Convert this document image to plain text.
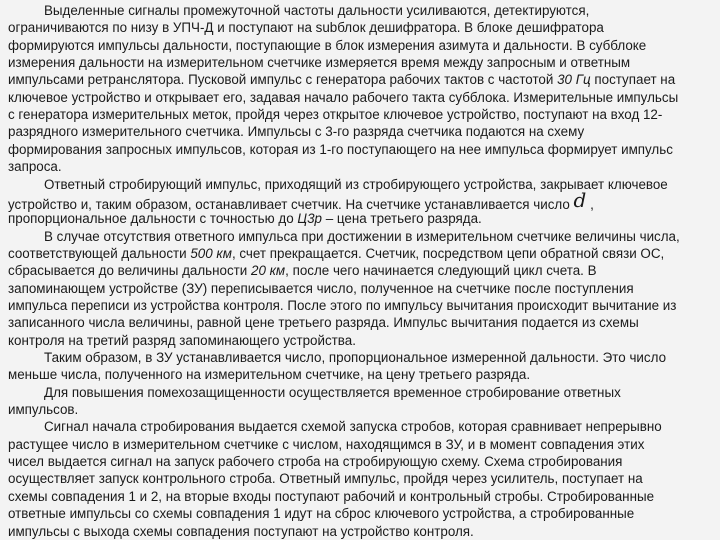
Выделенные сигналы промежуточной частоты дальности усиливаются, детектируются,
ограничиваются по низу в УПЧ-Д и поступают на subблок дешифратора. В блоке дешифратора
формируются импульсы дальности, поступающие в блок измерения азимута и дальности. В субблоке
измерения дальности на измерительном счетчике измеряется время между запросным и ответным
импульсами ретранслятора. Пусковой импульс с генератора рабочих тактов с частотой 30 Гц поступает на
ключевое устройство и открывает его, задавая начало рабочего такта субблока. Измерительные импульсы
с генератора измерительных меток, пройдя через открытое ключевое устройство, поступают на вход 12-
разрядного измерительного счетчика. Импульсы с 3-го разряда счетчика подаются на схему
формирования запросных импульсов, которая из 1-го поступающего на нее импульса формирует импульс
запроса.
Ответный стробирующий импульс, приходящий из стробирующего устройства, закрывает ключевое
устройство и, таким образом, останавливает счетчик. На счетчике устанавливается число d ,
пропорциональное дальности с точностью до Ц3р – цена третьего разряда.
В случае отсутствия ответного импульса при достижении в измерительном счетчике величины числа,
соответствующей дальности 500 км, счет прекращается. Счетчик, посредством цепи обратной связи ОС,
сбрасывается до величины дальности 20 км, после чего начинается следующий цикл счета. В
запоминающем устройстве (ЗУ) переписывается число, полученное на счетчике после поступления
импульса переписи из устройства контроля. После этого по импульсу вычитания происходит вычитание из
записанного числа величины, равной цене третьего разряда. Импульс вычитания подается из схемы
контроля на третий разряд запоминающего устройства.
Таким образом, в ЗУ устанавливается число, пропорциональное измеренной дальности. Это число
меньше числа, полученного на измерительном счетчике, на цену третьего разряда.
Для повышения помехозащищенности осуществляется временное стробирование ответных
импульсов.
Сигнал начала стробирования выдается схемой запуска стробов, которая сравнивает непрерывно
растущее число в измерительном счетчике с числом, находящимся в ЗУ, и в момент совпадения этих
чисел выдается сигнал на запуск рабочего строба на стробирующую схему. Схема стробирования
осуществляет запуск контрольного строба. Ответный импульс, пройдя через усилитель, поступает на
схемы совпадения 1 и 2, на вторые входы поступают рабочий и контрольный стробы. Стробированные
ответные импульсы со схемы совпадения 1 идут на сброс ключевого устройства, а стробированные
импульсы с выхода схемы совпадения поступают на устройство контроля.
